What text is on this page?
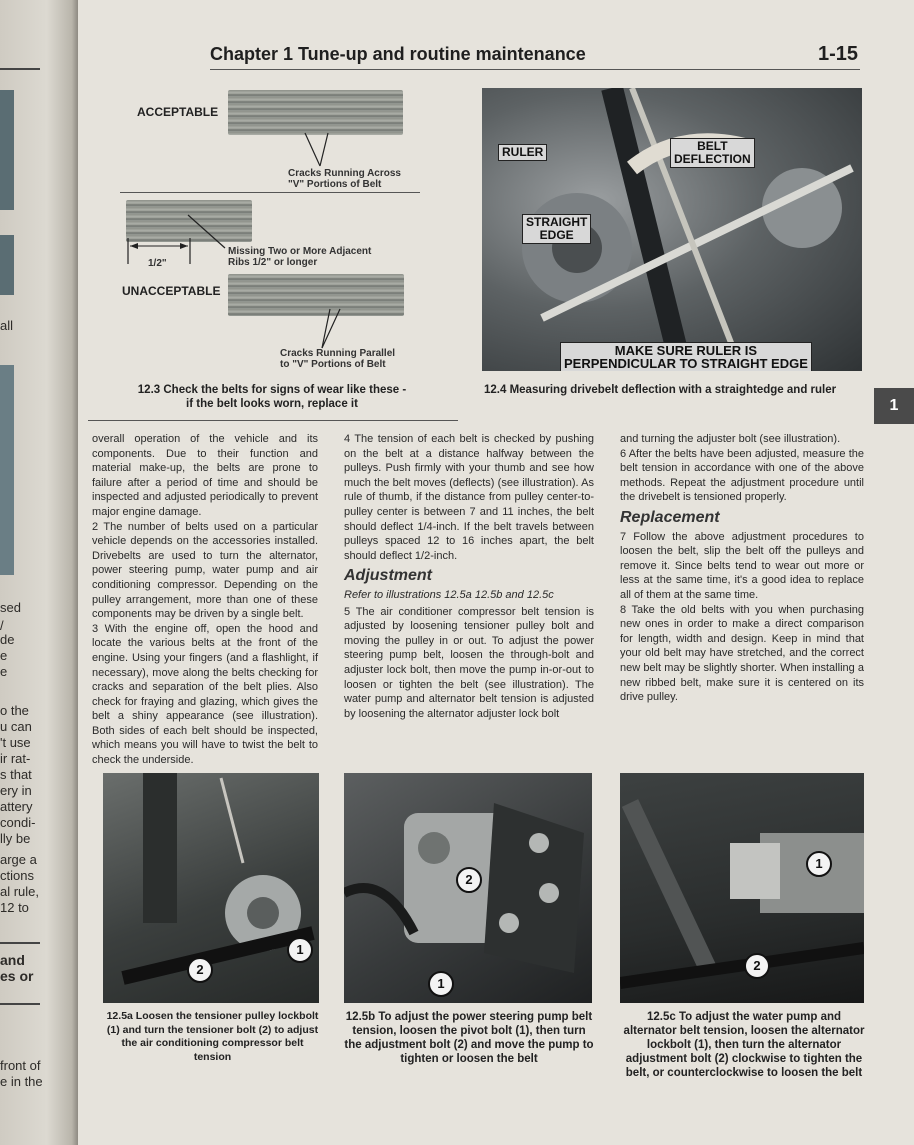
all
sed
/
de
e
e
o the
u can
't use
ir rat-
s that
ery in
attery
condi-
lly be
arge a
ctions
al rule,
12 to
and
es or
front of
e in the
Chapter 1 Tune-up and routine maintenance	1-15
1
ACCEPTABLE
Cracks Running Across
"V" Portions of Belt
1/2"
Missing Two or More Adjacent
Ribs 1/2" or longer
UNACCEPTABLE
Cracks Running Parallel
to "V" Portions of Belt
12.3 Check the belts for signs of wear like these -
if the belt looks worn, replace it
RULER	BELT
DEFLECTION
STRAIGHT
EDGE
MAKE SURE RULER IS
PERPENDICULAR TO STRAIGHT EDGE
12.4 Measuring drivebelt deflection with a straightedge and ruler

overall operation of the vehicle and its components. Due to their function and material make-up, the belts are prone to failure after a period of time and should be inspected and adjusted periodically to prevent major engine damage.

2 The number of belts used on a particular vehicle depends on the accessories installed. Drivebelts are used to turn the alternator, power steering pump, water pump and air conditioning compressor. Depending on the pulley arrangement, more than one of these components may be driven by a single belt.

3 With the engine off, open the hood and locate the various belts at the front of the engine. Using your fingers (and a flashlight, if necessary), move along the belts checking for cracks and separation of the belt plies. Also check for fraying and glazing, which gives the belt a shiny appearance (see illustration). Both sides of each belt should be inspected, which means you will have to twist the belt to check the underside.

4 The tension of each belt is checked by pushing on the belt at a distance halfway between the pulleys. Push firmly with your thumb and see how much the belt moves (deflects) (see illustration). As rule of thumb, if the distance from pulley center-to-pulley center is between 7 and 11 inches, the belt should deflect 1/4-inch. If the belt travels between pulleys spaced 12 to 16 inches apart, the belt should deflect 1/2-inch.

Adjustment

Refer to illustrations 12.5a 12.5b and 12.5c

5 The air conditioner compressor belt tension is adjusted by loosening tensioner pulley bolt and moving the pulley in or out. To adjust the power steering pump belt, loosen the through-bolt and adjuster lock bolt, then move the pump in-or-out to loosen or tighten the belt (see illustration). The water pump and alternator belt tension is adjusted by loosening the alternator adjuster lock bolt

and turning the adjuster bolt (see illustration).

6 After the belts have been adjusted, measure the belt tension in accordance with one of the above methods. Repeat the adjustment procedure until the drivebelt is tensioned properly.

Replacement

7 Follow the above adjustment procedures to loosen the belt, slip the belt off the pulleys and remove it. Since belts tend to wear out more or less at the same time, it's a good idea to replace all of them at the same time.

8 Take the old belts with you when purchasing new ones in order to make a direct comparison for length, width and design. Keep in mind that your old belt may have stretched, and the correct new belt may be slightly shorter. When installing a new ribbed belt, make sure it is centered on its drive pulley.

1
2
12.5a Loosen the tensioner pulley lockbolt (1) and turn the tensioner bolt (2) to adjust the air conditioning compressor belt tension
2
1
12.5b To adjust the power steering pump belt tension, loosen the pivot bolt (1), then turn the adjustment bolt (2) and move the pump to tighten or loosen the belt
1
2
12.5c To adjust the water pump and alternator belt tension, loosen the alternator lockbolt (1), then turn the alternator adjustment bolt (2) clockwise to tighten the belt, or counterclockwise to loosen the belt
